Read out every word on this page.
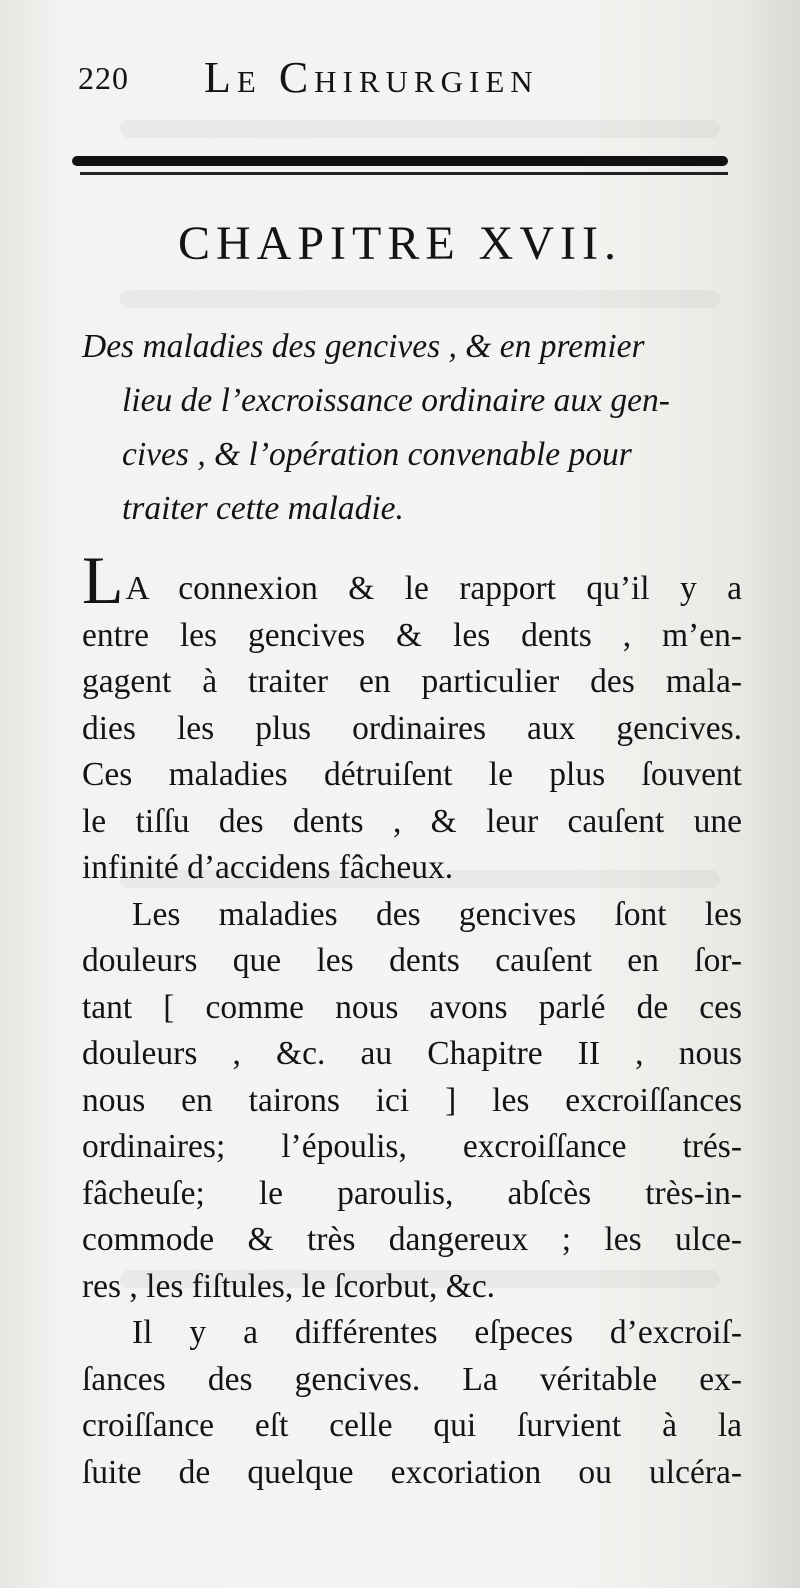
220 Le Chirurgien
CHAPITRE XVII.
Des maladies des gencives , & en premier
lieu de l’excroissance ordinaire aux gen-
cives , & l’opération convenable pour
traiter cette maladie.
LA connexion & le rapport qu’il y a
entre les gencives & les dents , m’en-
gagent à traiter en particulier des mala-
dies les plus ordinaires aux gencives.
Ces maladies détruiſent le plus ſouvent
le tiſſu des dents , & leur cauſent une
infinité d’accidens fâcheux.
Les maladies des gencives ſont les
douleurs que les dents cauſent en ſor-
tant [ comme nous avons parlé de ces
douleurs , &c. au Chapitre II , nous
nous en tairons ici ] les excroiſſances
ordinaires; l’époulis, excroiſſance trés-
fâcheuſe; le paroulis, abſcès très-in-
commode & très dangereux ; les ulce-
res , les fiſtules, le ſcorbut, &c.
Il y a différentes eſpeces d’excroiſ-
ſances des gencives. La véritable ex-
croiſſance eſt celle qui ſurvient à la
ſuite de quelque excoriation ou ulcéra-
